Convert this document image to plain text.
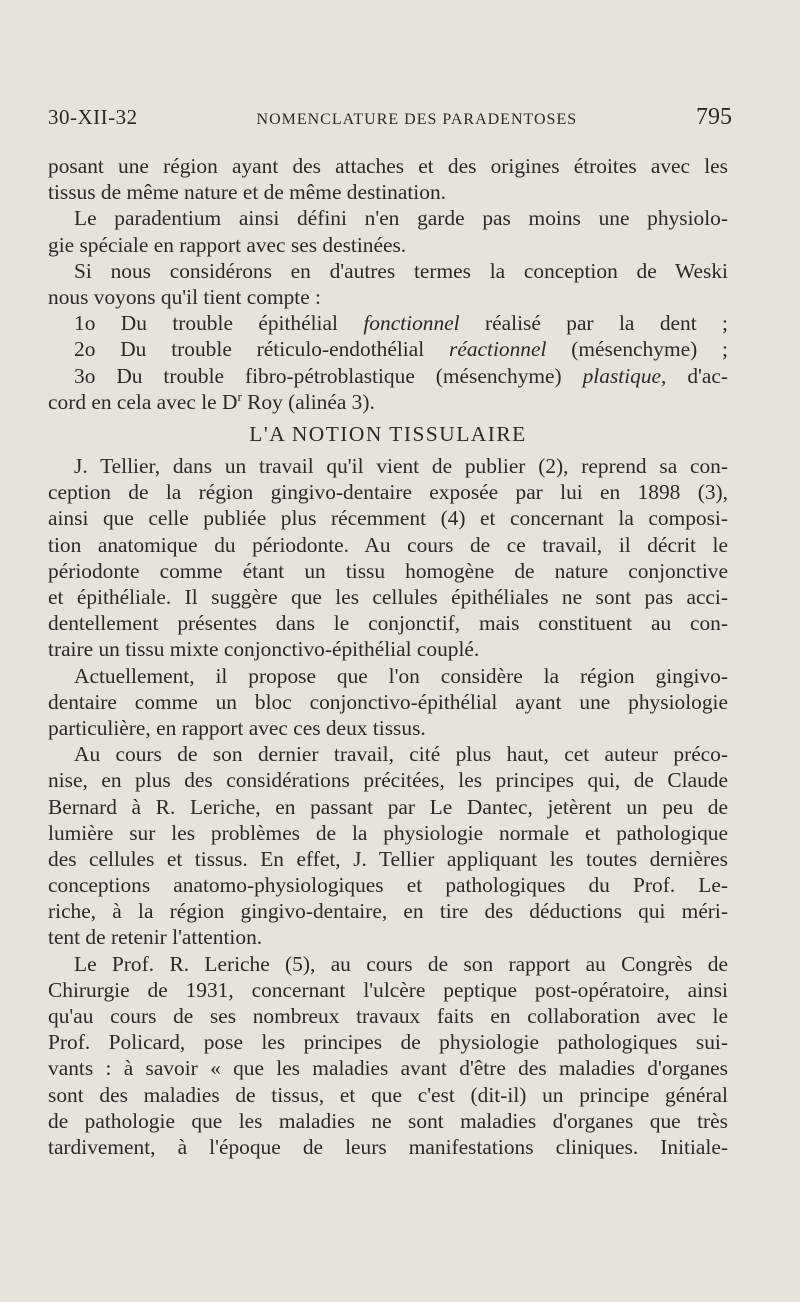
30-XII-32	NOMENCLATURE DES PARADENTOSES	795
posant une région ayant des attaches et des origines étroites avec les
tissus de même nature et de même destination.
Le paradentium ainsi défini n'en garde pas moins une physiolo-
gie spéciale en rapport avec ses destinées.
Si nous considérons en d'autres termes la conception de Weski
nous voyons qu'il tient compte :
1o Du trouble épithélial fonctionnel réalisé par la dent ;
2o Du trouble réticulo-endothélial réactionnel (mésenchyme) ;
3o Du trouble fibro-pétroblastique (mésenchyme) plastique, d'ac-
cord en cela avec le $D^r$ Roy (alinéa 3).
L'A NOTION TISSULAIRE
J. Tellier, dans un travail qu'il vient de publier (2), reprend sa con-
ception de la région gingivo-dentaire exposée par lui en 1898 (3),
ainsi que celle publiée plus récemment (4) et concernant la composi-
tion anatomique du périodonte. Au cours de ce travail, il décrit le
périodonte comme étant un tissu homogène de nature conjonctive
et épithéliale. Il suggère que les cellules épithéliales ne sont pas acci-
dentellement présentes dans le conjonctif, mais constituent au con-
traire un tissu mixte conjonctivo-épithélial couplé.
Actuellement, il propose que l'on considère la région gingivo-
dentaire comme un bloc conjonctivo-épithélial ayant une physiologie
particulière, en rapport avec ces deux tissus.
Au cours de son dernier travail, cité plus haut, cet auteur préco-
nise, en plus des considérations précitées, les principes qui, de Claude
Bernard à R. Leriche, en passant par Le Dantec, jetèrent un peu de
lumière sur les problèmes de la physiologie normale et pathologique
des cellules et tissus. En effet, J. Tellier appliquant les toutes dernières
conceptions anatomo-physiologiques et pathologiques du Prof. Le-
riche, à la région gingivo-dentaire, en tire des déductions qui méri-
tent de retenir l'attention.
Le Prof. R. Leriche (5), au cours de son rapport au Congrès de
Chirurgie de 1931, concernant l'ulcère peptique post-opératoire, ainsi
qu'au cours de ses nombreux travaux faits en collaboration avec le
Prof. Policard, pose les principes de physiologie pathologiques sui-
vants : à savoir « que les maladies avant d'être des maladies d'organes
sont des maladies de tissus, et que c'est (dit-il) un principe général
de pathologie que les maladies ne sont maladies d'organes que très
tardivement, à l'époque de leurs manifestations cliniques. Initiale-
